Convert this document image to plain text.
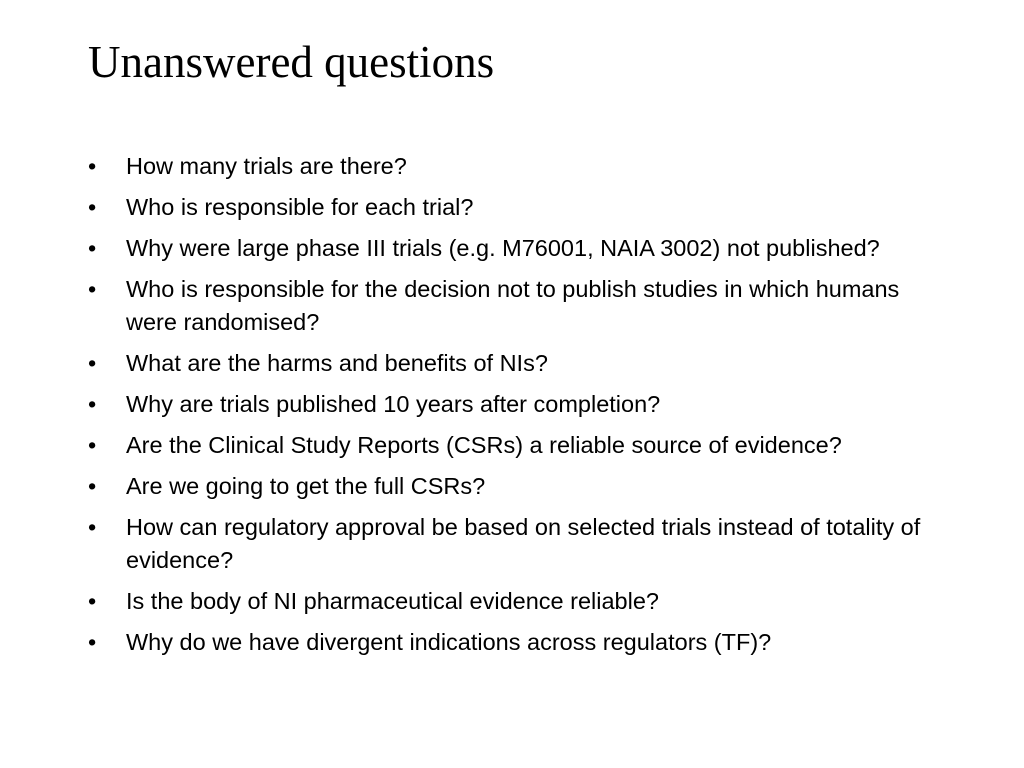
Unanswered questions
•	How many trials are there?
•	Who is responsible for each trial?
•	Why were large phase III trials (e.g. M76001, NAIA 3002) not published?
•	Who is responsible for the decision not to publish studies in which humans were randomised?
•	What are the harms and benefits of NIs?
•	Why are trials published 10 years after completion?
•	Are the Clinical Study Reports (CSRs) a reliable source of evidence?
•	Are we going to get the full CSRs?
•	How can regulatory approval be based on selected trials instead of totality of evidence?
•	Is the body of NI pharmaceutical evidence reliable?
•	Why do we have divergent indications across regulators (TF)?
